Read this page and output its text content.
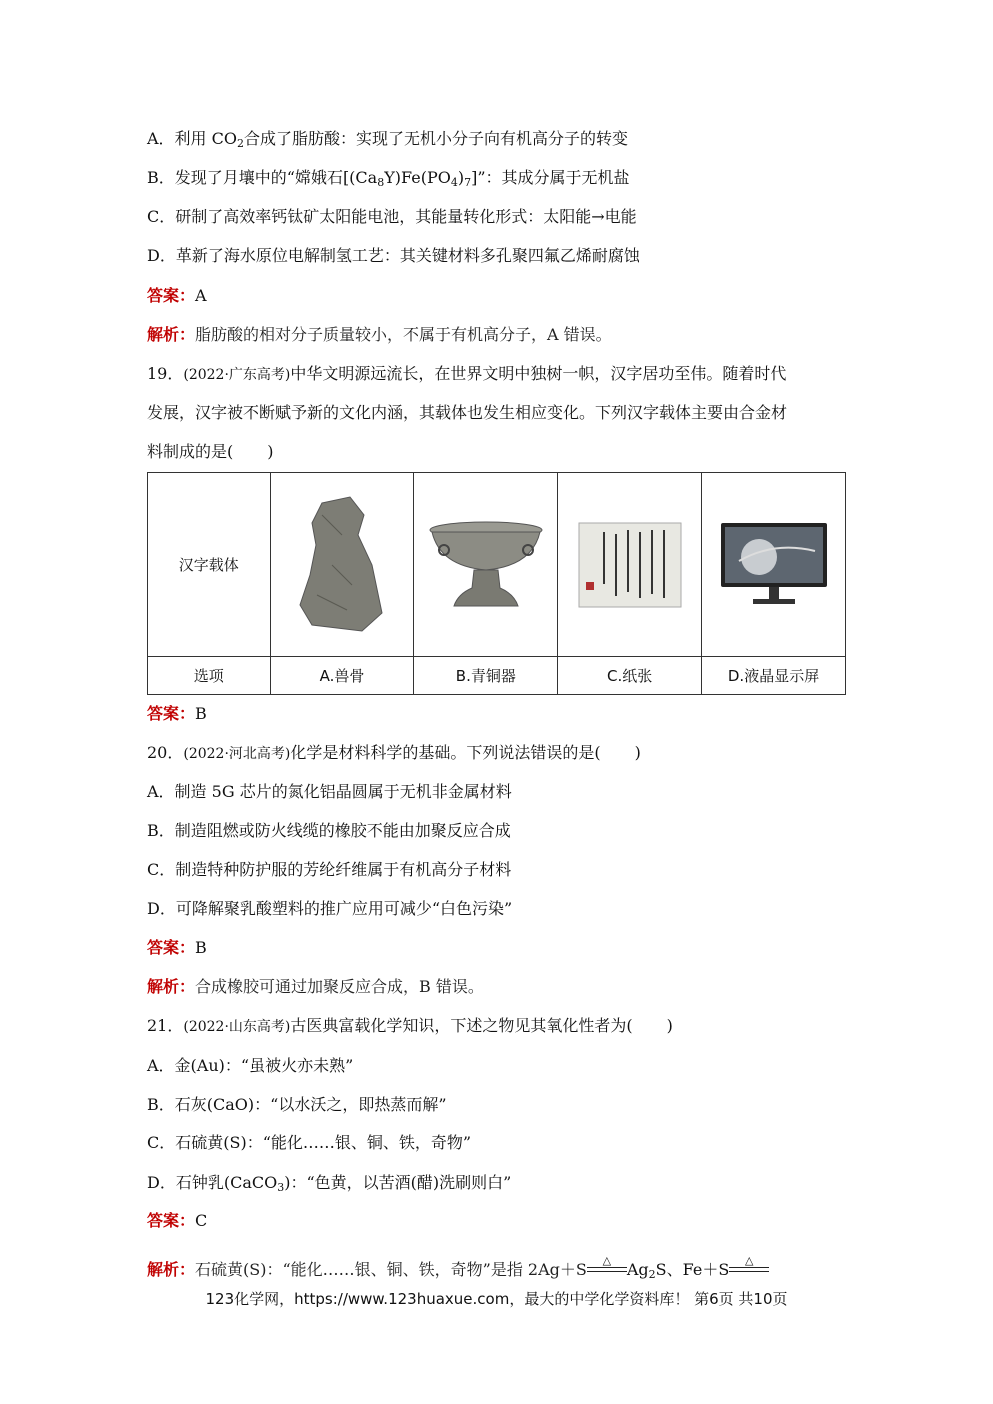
A．利用 $CO_2$合成了脂肪酸：实现了无机小分子向有机高分子的转变
B．发现了月壤中的“嫦娥石$[(Ca_8Y)Fe(PO_4)_7]$”：其成分属于无机盐
C．研制了高效率钙钛矿太阳能电池，其能量转化形式：太阳能→电能
D．革新了海水原位电解制氢工艺：其关键材料多孔聚四氟乙烯耐腐蚀
答案：A
解析：脂肪酸的相对分子质量较小，不属于有机高分子，A 错误。
19．(2022·广东高考)中华文明源远流长，在世界文明中独树一帜，汉字居功至伟。随着时代
发展，汉字被不断赋予新的文化内涵，其载体也发生相应变化。下列汉字载体主要由合金材
料制成的是( )
汉字载体	

选项	A.兽骨	B.青铜器	C.纸张	D.液晶显示屏
答案：B
20．(2022·河北高考)化学是材料科学的基础。下列说法错误的是( )
A．制造 5G 芯片的氮化铝晶圆属于无机非金属材料
B．制造阻燃或防火线缆的橡胶不能由加聚反应合成
C．制造特种防护服的芳纶纤维属于有机高分子材料
D．可降解聚乳酸塑料的推广应用可减少“白色污染”
答案：B
解析：合成橡胶可通过加聚反应合成，B 错误。
21．(2022·山东高考)古医典富载化学知识，下述之物见其氧化性者为( )
A．金(Au)：“虽被火亦未熟”
B．石灰(CaO)：“以水沃之，即热蒸而解”
C．石硫黄(S)：“能化……银、铜、铁，奇物”
D．石钟乳(CaCO$_3$)：“色黄，以苦酒(醋)洗刷则白”
答案：C
解析：石硫黄(S)：“能化……银、铜、铁，奇物”是指 2Ag＋S	△ $Ag_2S$、Fe＋S	△
123化学网，https://www.123huaxue.com，最大的中学化学资料库！ 第6页 共10页
